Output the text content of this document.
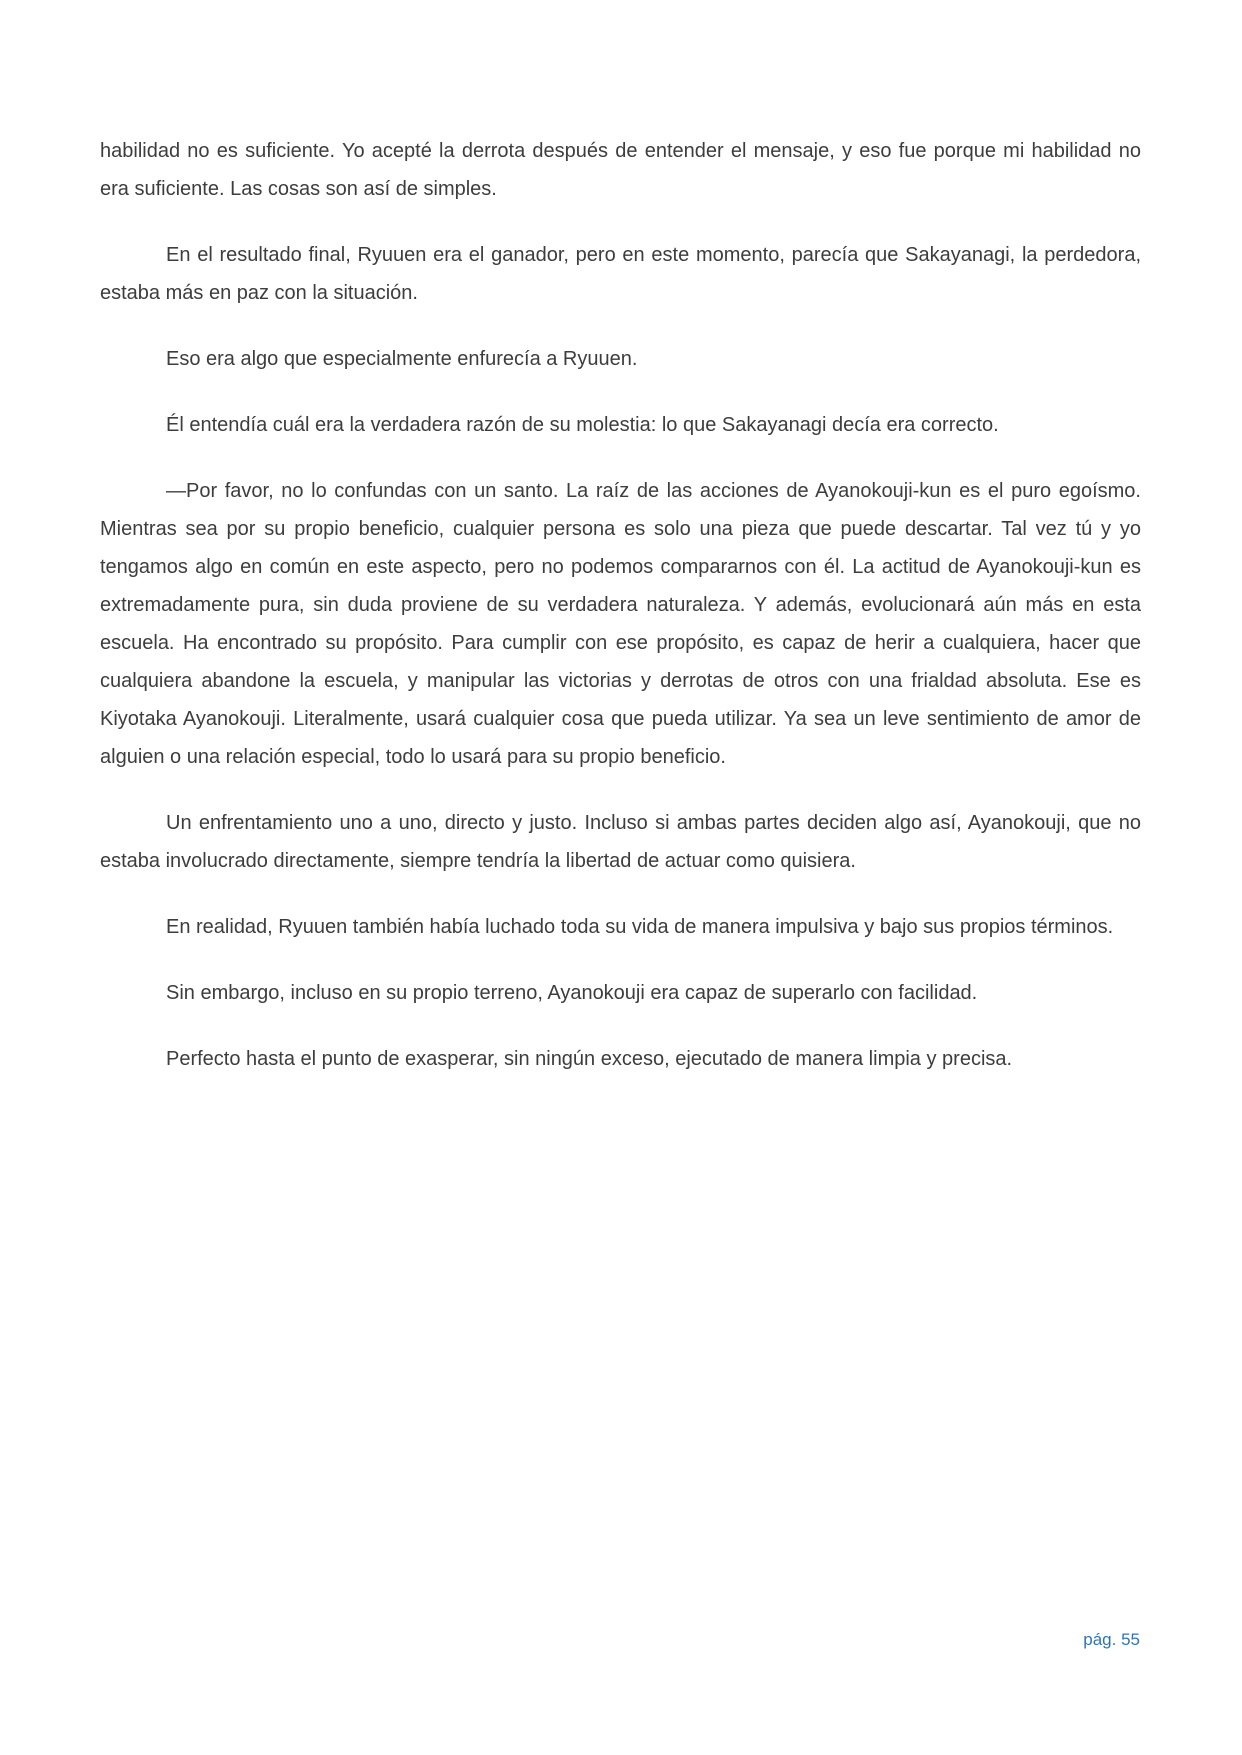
habilidad no es suficiente. Yo acepté la derrota después de entender el mensaje, y eso fue porque mi habilidad no era suficiente. Las cosas son así de simples.

En el resultado final, Ryuuen era el ganador, pero en este momento, parecía que Sakayanagi, la perdedora, estaba más en paz con la situación.

Eso era algo que especialmente enfurecía a Ryuuen.

Él entendía cuál era la verdadera razón de su molestia: lo que Sakayanagi decía era correcto.

—Por favor, no lo confundas con un santo. La raíz de las acciones de Ayanokouji-kun es el puro egoísmo. Mientras sea por su propio beneficio, cualquier persona es solo una pieza que puede descartar. Tal vez tú y yo tengamos algo en común en este aspecto, pero no podemos compararnos con él. La actitud de Ayanokouji-kun es extremadamente pura, sin duda proviene de su verdadera naturaleza. Y además, evolucionará aún más en esta escuela. Ha encontrado su propósito. Para cumplir con ese propósito, es capaz de herir a cualquiera, hacer que cualquiera abandone la escuela, y manipular las victorias y derrotas de otros con una frialdad absoluta. Ese es Kiyotaka Ayanokouji. Literalmente, usará cualquier cosa que pueda utilizar. Ya sea un leve sentimiento de amor de alguien o una relación especial, todo lo usará para su propio beneficio.

Un enfrentamiento uno a uno, directo y justo. Incluso si ambas partes deciden algo así, Ayanokouji, que no estaba involucrado directamente, siempre tendría la libertad de actuar como quisiera.

En realidad, Ryuuen también había luchado toda su vida de manera impulsiva y bajo sus propios términos.

Sin embargo, incluso en su propio terreno, Ayanokouji era capaz de superarlo con facilidad.

Perfecto hasta el punto de exasperar, sin ningún exceso, ejecutado de manera limpia y precisa.

pág. 55
